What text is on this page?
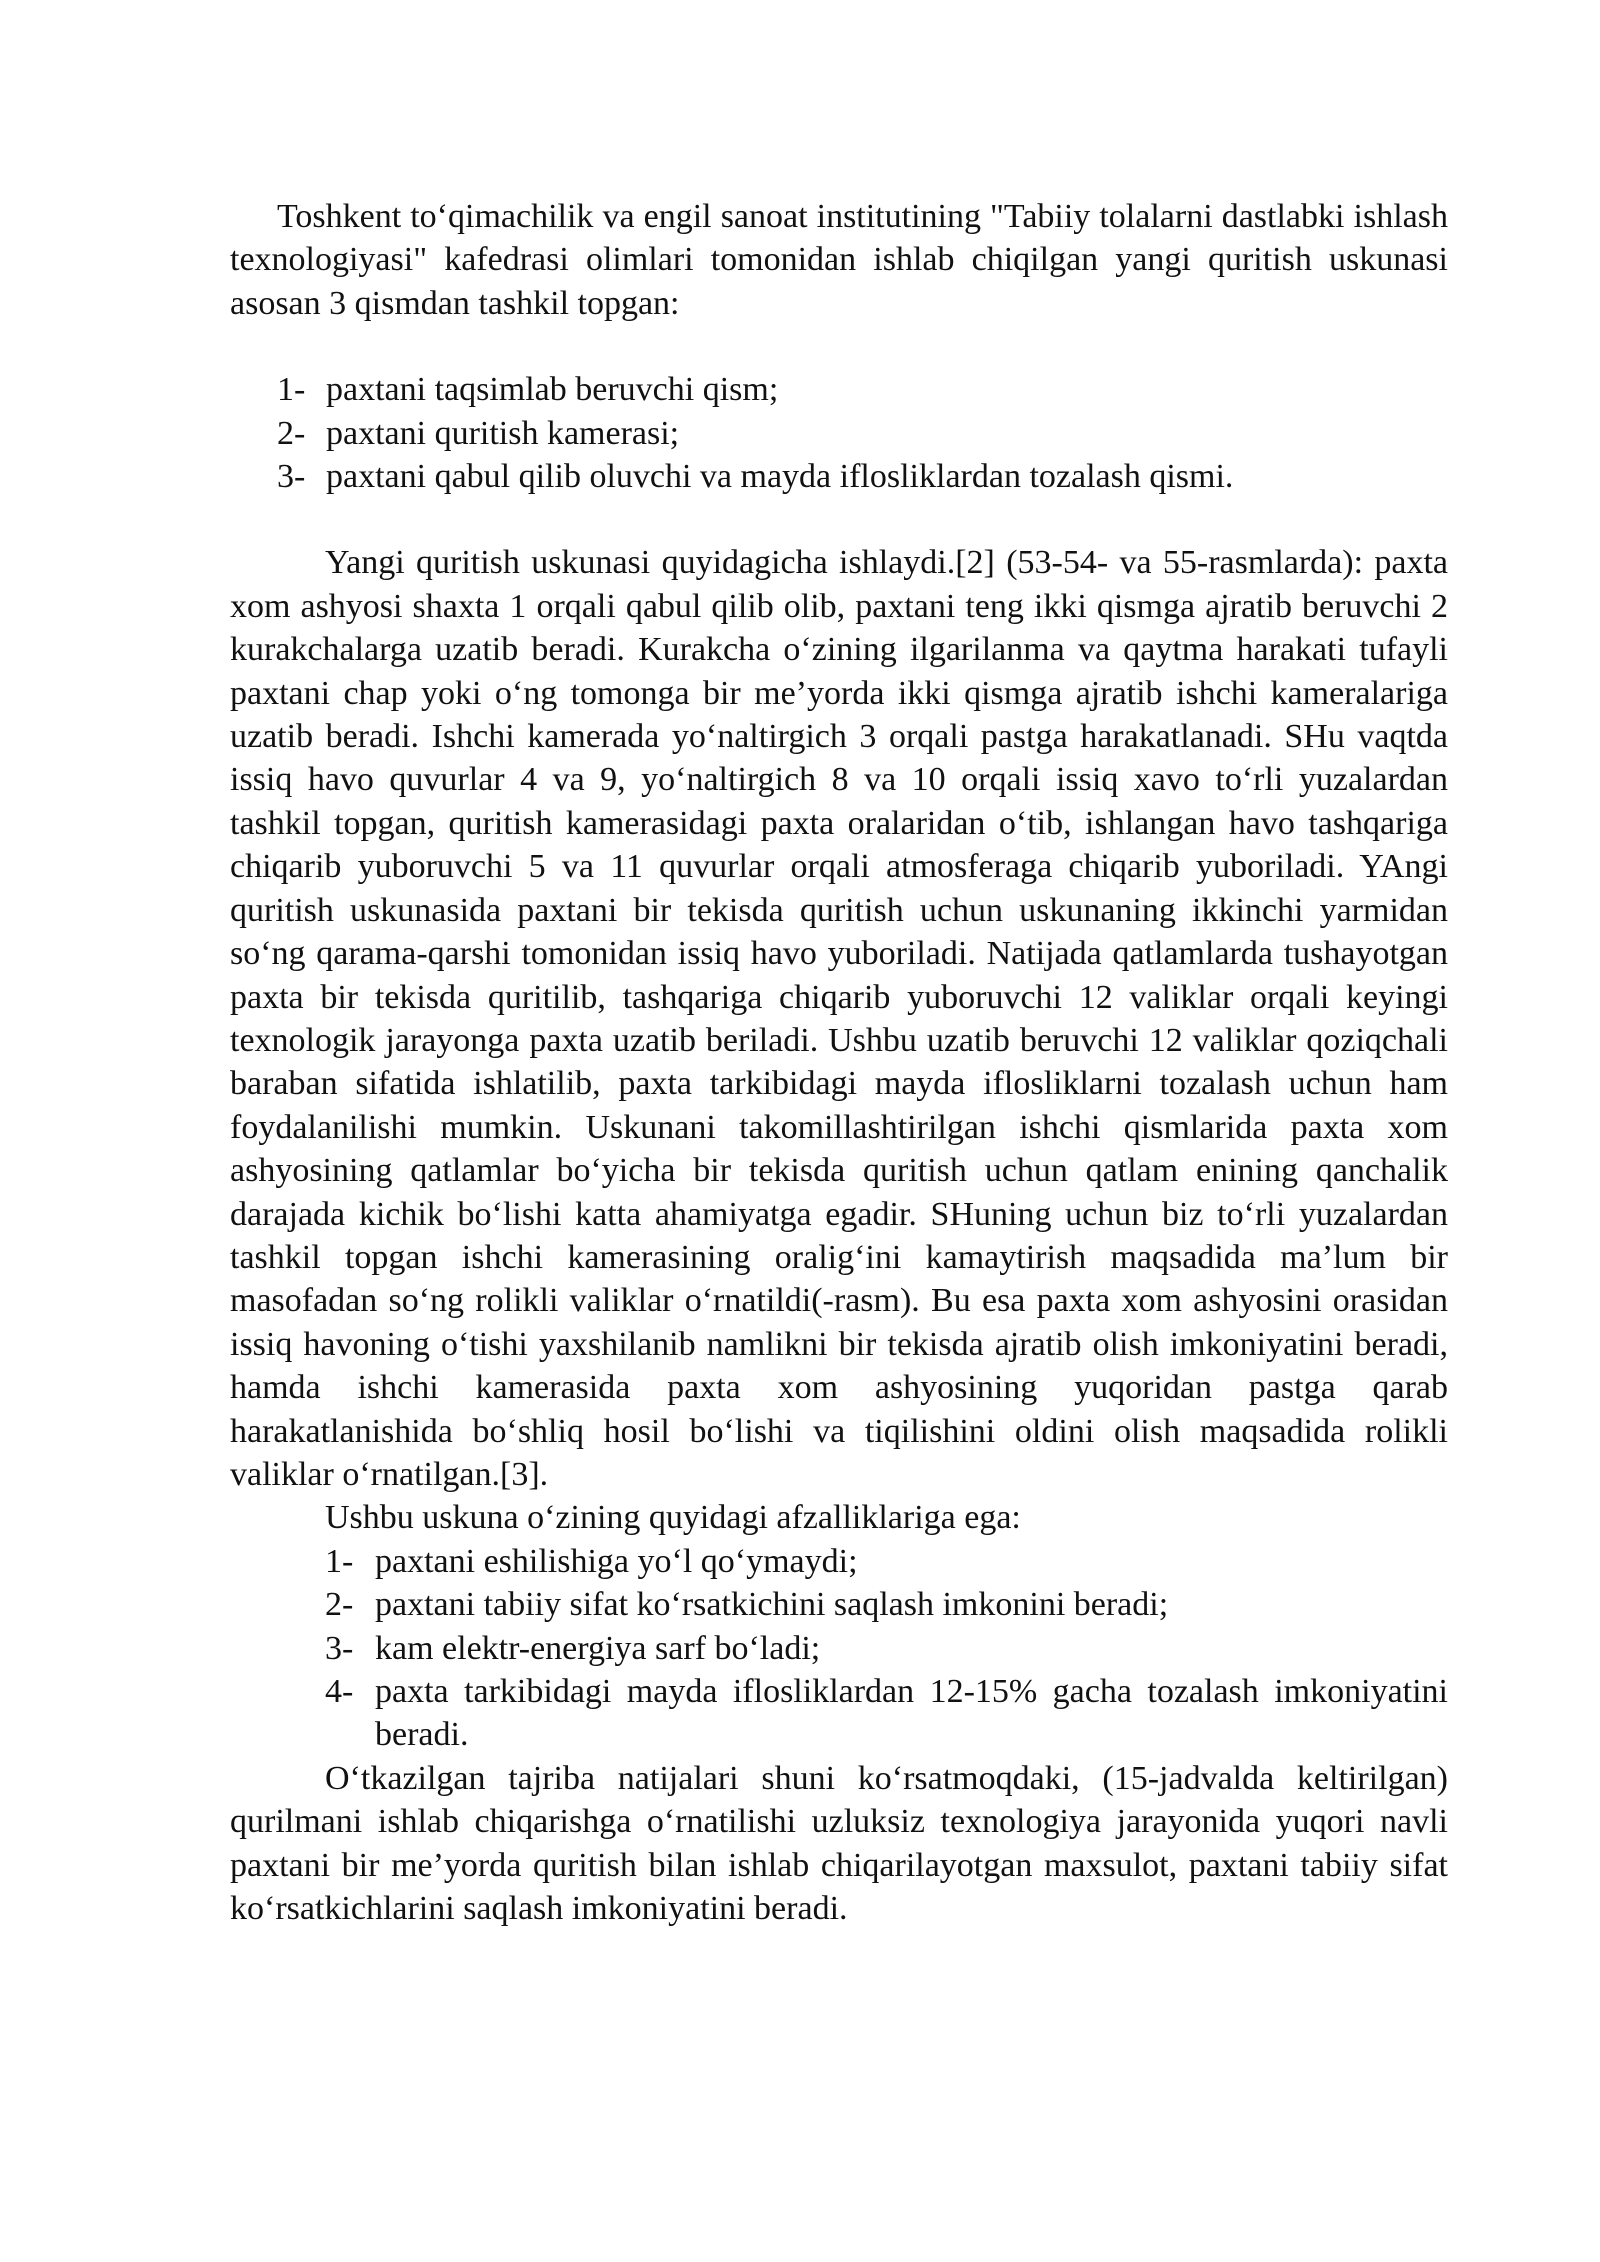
Toshkent to‘qimachilik va engil sanoat institutining "Tabiiy tolalarni dastlabki ishlash texnologiyasi" kafedrasi olimlari tomonidan ishlab chiqilgan yangi quritish uskunasi asosan 3 qismdan tashkil topgan:

1- paxtani taqsimlab beruvchi qism;
2- paxtani quritish kamerasi;
3- paxtani qabul qilib oluvchi va mayda iflosliklardan tozalash qismi.

Yangi quritish uskunasi quyidagicha ishlaydi.[2] (53-54- va 55-rasmlarda): paxta xom ashyosi shaxta 1 orqali qabul qilib olib, paxtani teng ikki qismga ajratib beruvchi 2 kurakchalarga uzatib beradi. Kurakcha o‘zining ilgarilanma va qaytma harakati tufayli paxtani chap yoki o‘ng tomonga bir me’yorda ikki qismga ajratib ishchi kameralariga uzatib beradi. Ishchi kamerada yo‘naltirgich 3 orqali pastga harakatlanadi. SHu vaqtda issiq havo quvurlar 4 va 9, yo‘naltirgich 8 va 10 orqali issiq xavo to‘rli yuzalardan tashkil topgan, quritish kamerasidagi paxta oralaridan o‘tib, ishlangan havo tashqariga chiqarib yuboruvchi 5 va 11 quvurlar orqali atmosferaga chiqarib yuboriladi. YAngi quritish uskunasida paxtani bir tekisda quritish uchun uskunaning ikkinchi yarmidan so‘ng qarama-qarshi tomonidan issiq havo yuboriladi. Natijada qatlamlarda tushayotgan paxta bir tekisda quritilib, tashqariga chiqarib yuboruvchi 12 valiklar orqali keyingi texnologik jarayonga paxta uzatib beriladi. Ushbu uzatib beruvchi 12 valiklar qoziqchali baraban sifatida ishlatilib, paxta tarkibidagi mayda iflosliklarni tozalash uchun ham foydalanilishi mumkin. Uskunani takomillashtirilgan ishchi qismlarida paxta xom ashyosining qatlamlar bo‘yicha bir tekisda quritish uchun qatlam enining qanchalik darajada kichik bo‘lishi katta ahamiyatga egadir. SHuning uchun biz to‘rli yuzalardan tashkil topgan ishchi kamerasining oralig‘ini kamaytirish maqsadida ma’lum bir masofadan so‘ng rolikli valiklar o‘rnatildi(-rasm). Bu esa paxta xom ashyosini orasidan issiq havoning o‘tishi yaxshilanib namlikni bir tekisda ajratib olish imkoniyatini beradi, hamda ishchi kamerasida paxta xom ashyosining yuqoridan pastga qarab harakatlanishida bo‘shliq hosil bo‘lishi va tiqilishini oldini olish maqsadida rolikli valiklar o‘rnatilgan.[3].

Ushbu uskuna o‘zining quyidagi afzalliklariga ega:

1- paxtani eshilishiga yo‘l qo‘ymaydi;
2- paxtani tabiiy sifat ko‘rsatkichini saqlash imkonini beradi;
3- kam elektr-energiya sarf bo‘ladi;
4- paxta tarkibidagi mayda iflosliklardan 12-15% gacha tozalash imkoniyatini beradi.

O‘tkazilgan tajriba natijalari shuni ko‘rsatmoqdaki, (15-jadvalda keltirilgan) qurilmani ishlab chiqarishga o‘rnatilishi uzluksiz texnologiya jarayonida yuqori navli paxtani bir me’yorda quritish bilan ishlab chiqarilayotgan maxsulot, paxtani tabiiy sifat ko‘rsatkichlarini saqlash imkoniyatini beradi.
